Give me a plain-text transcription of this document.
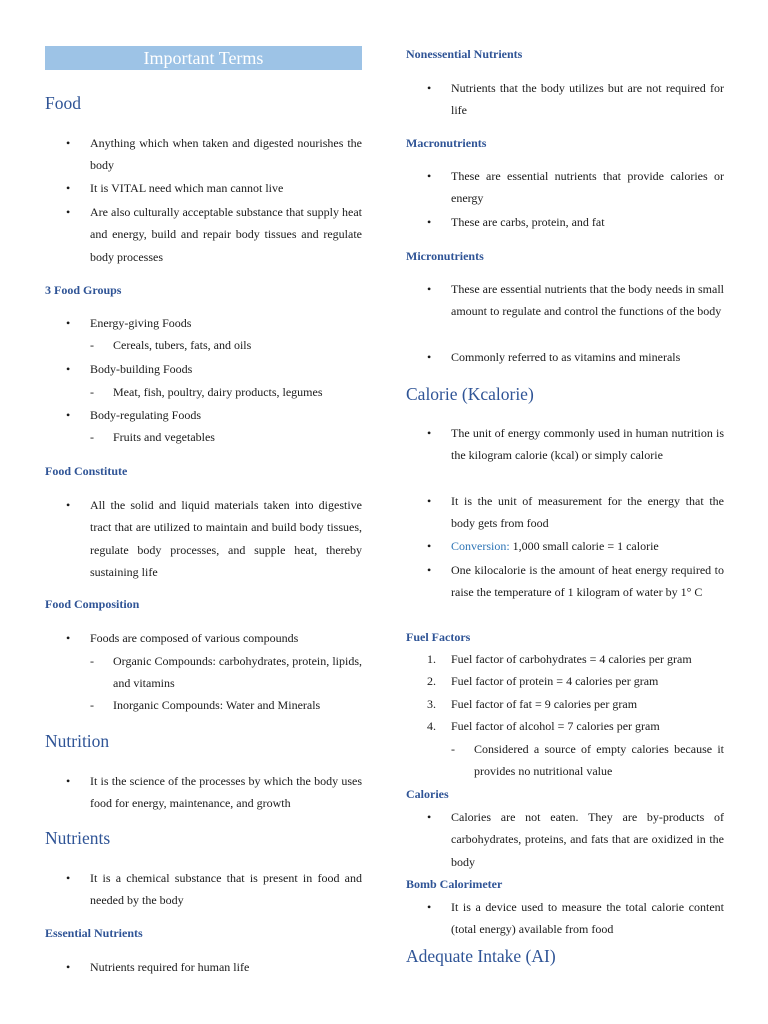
Important Terms
Food
• Anything which when taken and digested nourishes the body
• It is VITAL need which man cannot live
• Are also culturally acceptable substance that supply heat and energy, build and repair body tissues and regulate body processes
3 Food Groups
• Energy-giving Foods
- Cereals, tubers, fats, and oils
• Body-building Foods
- Meat, fish, poultry, dairy products, legumes
• Body-regulating Foods
- Fruits and vegetables
Food Constitute
• All the solid and liquid materials taken into digestive tract that are utilized to maintain and build body tissues, regulate body processes, and supple heat, thereby sustaining life
Food Composition
• Foods are composed of various compounds
- Organic Compounds: carbohydrates, protein, lipids, and vitamins
- Inorganic Compounds: Water and Minerals
Nutrition
• It is the science of the processes by which the body uses food for energy, maintenance, and growth
Nutrients
• It is a chemical substance that is present in food and needed by the body
Essential Nutrients
• Nutrients required for human life
Nonessential Nutrients
• Nutrients that the body utilizes but are not required for life
Macronutrients
• These are essential nutrients that provide calories or energy
• These are carbs, protein, and fat
Micronutrients
• These are essential nutrients that the body needs in small amount to regulate and control the functions of the body
• Commonly referred to as vitamins and minerals
Calorie (Kcalorie)
• The unit of energy commonly used in human nutrition is the kilogram calorie (kcal) or simply calorie
• It is the unit of measurement for the energy that the body gets from food
• Conversion: 1,000 small calorie = 1 calorie
• One kilocalorie is the amount of heat energy required to raise the temperature of 1 kilogram of water by 1° C
Fuel Factors
1. Fuel factor of carbohydrates = 4 calories per gram
2. Fuel factor of protein = 4 calories per gram
3. Fuel factor of fat = 9 calories per gram
4. Fuel factor of alcohol = 7 calories per gram
- Considered a source of empty calories because it provides no nutritional value
Calories
• Calories are not eaten. They are by-products of carbohydrates, proteins, and fats that are oxidized in the body
Bomb Calorimeter
• It is a device used to measure the total calorie content (total energy) available from food
Adequate Intake (AI)
